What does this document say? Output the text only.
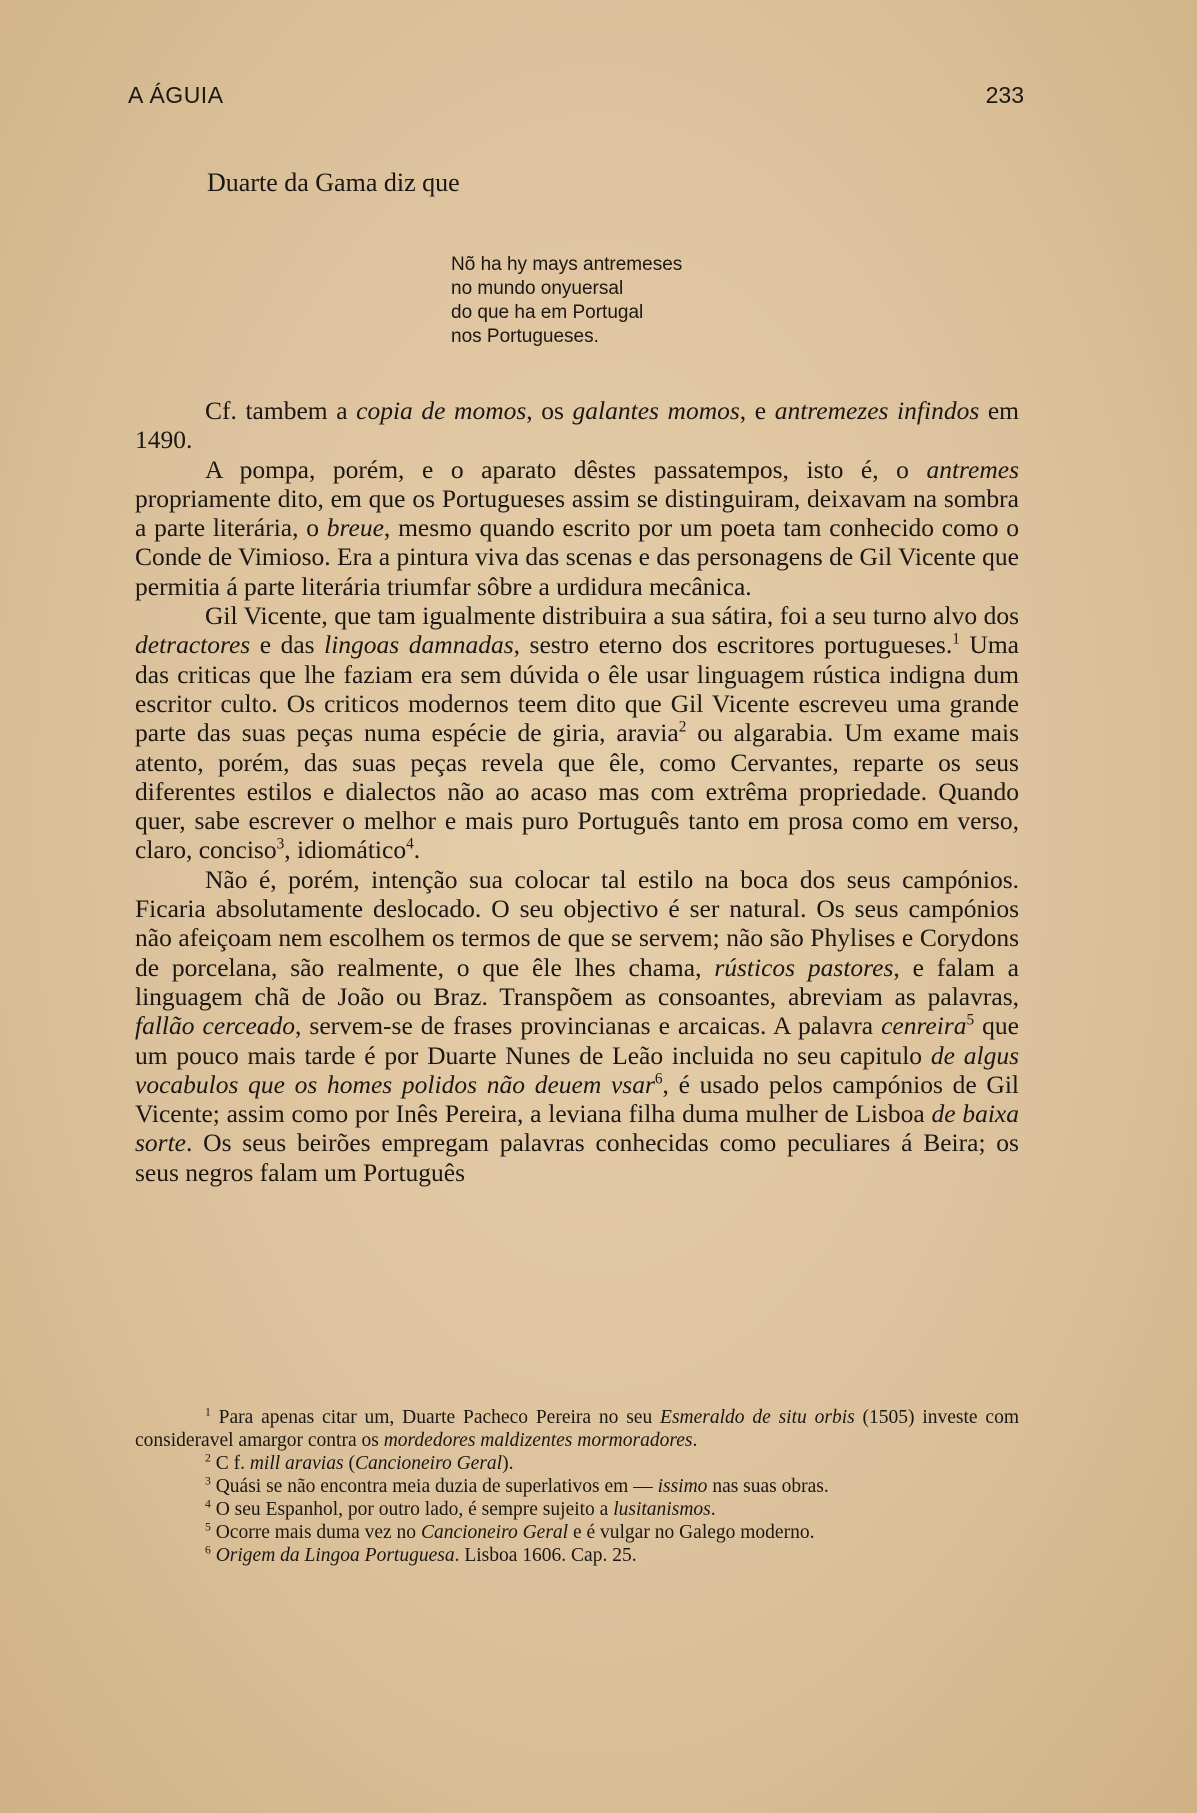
A ÁGUIA	233
Duarte da Gama diz que
Nõ ha hy mays antremeses
no mundo onyuersal
do que ha em Portugal
nos Portugueses.

Cf. tambem a copia de momos, os galantes momos, e antremezes infindos em 1490.

A pompa, porém, e o aparato dêstes passatempos, isto é, o antremes propriamente dito, em que os Portugueses assim se distinguiram, deixavam na sombra a parte literária, o breue, mesmo quando escrito por um poeta tam conhecido como o Conde de Vimioso. Era a pintura viva das scenas e das personagens de Gil Vicente que permitia á parte literária triumfar sôbre a urdidura mecânica.

Gil Vicente, que tam igualmente distribuira a sua sátira, foi a seu turno alvo dos detractores e das lingoas damnadas, sestro eterno dos escritores portugueses.$^1$ Uma das criticas que lhe faziam era sem dúvida o êle usar linguagem rústica indigna dum escritor culto. Os criticos modernos teem dito que Gil Vicente escreveu uma grande parte das suas peças numa espécie de giria, aravia$^2$ ou algarabia. Um exame mais atento, porém, das suas peças revela que êle, como Cervantes, reparte os seus diferentes estilos e dialectos não ao acaso mas com extrêma propriedade. Quando quer, sabe escrever o melhor e mais puro Português tanto em prosa como em verso, claro, conciso$^3$, idiomático$^4$.

Não é, porém, intenção sua colocar tal estilo na boca dos seus campónios. Ficaria absolutamente deslocado. O seu objectivo é ser natural. Os seus campónios não afeiçoam nem escolhem os termos de que se servem; não são Phylises e Corydons de porcelana, são realmente, o que êle lhes chama, rústicos pastores, e falam a linguagem chã de João ou Braz. Transpõem as consoantes, abreviam as palavras, fallão cerceado, servem-se de frases provincianas e arcaicas. A palavra cenreira$^5$ que um pouco mais tarde é por Duarte Nunes de Leão incluida no seu capitulo de algus vocabulos que os homes polidos não deuem vsar$^6$, é usado pelos campónios de Gil Vicente; assim como por Inês Pereira, a leviana filha duma mulher de Lisboa de baixa sorte. Os seus beirões empregam palavras conhecidas como peculiares á Beira; os seus negros falam um Português

$^1$ Para apenas citar um, Duarte Pacheco Pereira no seu Esmeraldo de situ orbis (1505) investe com consideravel amargor contra os mordedores maldizentes mormoradores.

$^2$ C f. mill aravias (Cancioneiro Geral).

$^3$ Quási se não encontra meia duzia de superlativos em — issimo nas suas obras.

$^4$ O seu Espanhol, por outro lado, é sempre sujeito a lusitanismos.

$^5$ Ocorre mais duma vez no Cancioneiro Geral e é vulgar no Galego moderno.

$^6$ Origem da Lingoa Portuguesa. Lisboa 1606. Cap. 25.
